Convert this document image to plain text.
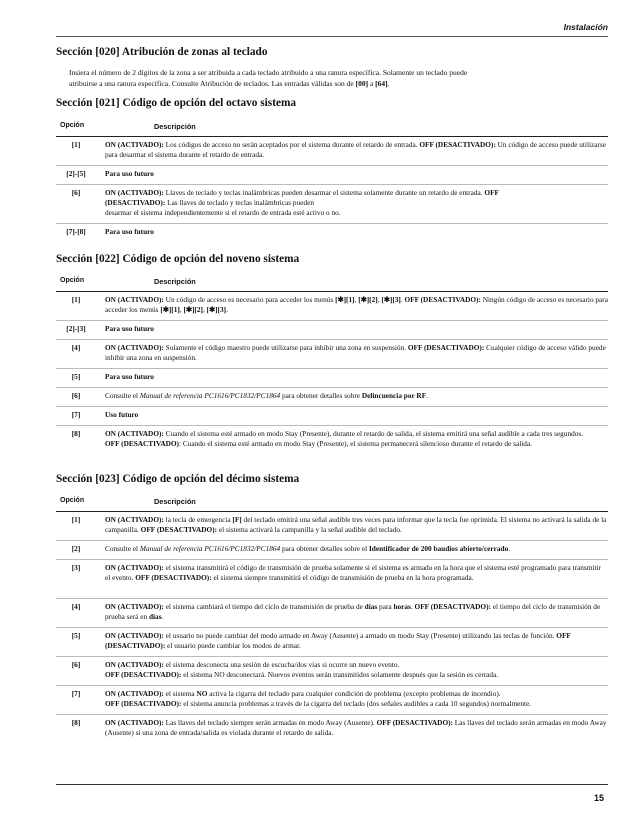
Instalación
Sección [020] Atribución de zonas al teclado
Insiera el número de 2 dígitos de la zona a ser atribuida a cada teclado atribuido a una ranura específica. Solamente un teclado puede
atribuirse a una ranura específica. Consulte Atribución de teclados. Las entradas válidas son de [00] a [64].
Sección [021] Código de opción del octavo sistema
Opción	Descripción
[1]	ON (ACTIVADO): Los códigos de acceso no serán aceptados por el sistema durante el retardo de entrada. OFF (DESACTIVADO): Un código de acceso puede utilizarse para desarmar el sistema durante el retardo de entrada.
[2]-[5]	Para uso futuro
[6]	ON (ACTIVADO): Llaves de teclado y teclas inalámbricas pueden desarmar el sistema solamente durante un retardo de entrada. OFF
(DESACTIVADO): Las llaves de teclado y teclas inalámbricas pueden
desarmar el sistema independientemente si el retardo de entrada esté activo o no.
[7]-[8]	Para uso futuro
Sección [022] Código de opción del noveno sistema
Opción	Descripción
[1]	ON (ACTIVADO): Un código de acceso es necesario para acceder los menús [✱][1], [✱][2], [✱][3]. OFF (DESACTIVADO): Ningún código de acceso es necesario para acceder los menús [✱][1], [✱][2], [✱][3].
[2]-[3]	Para uso futuro
[4]	ON (ACTIVADO): Solamente el código maestro puede utilizarse para inhibir una zona en suspensión. OFF (DESACTIVADO): Cualquier código de acceso válido puede inhibir una zona en suspensión.
[5]	Para uso futuro
[6]	Consulte el Manual de referencia PC1616/PC1832/PC1864 para obtener detalles sobre Delincuencia por RF.
[7]	Uso futuro
[8]	ON (ACTIVADO): Cuando el sistema esté armado en modo Stay (Presente), durante el retardo de salida, el sistema emitirá una señal audible a cada tres segundos.
OFF (DESACTIVADO): Cuando el sistema esté armado en modo Stay (Presente), el sistema permanecerá silencioso durante el retardo de salida.
Sección [023] Código de opción del décimo sistema
Opción	Descripción
[1]	ON (ACTIVADO): la tecla de emergencia [F] del teclado emitirá una señal audible tres veces para informar que la tecla fue oprimida. El sistema no activará la salida de la campanilla. OFF (DESACTIVADO): el sistema activará la campanilla y la señal audible del teclado.
[2]	Consulte el Manual de referencia PC1616/PC1832/PC1864 para obtener detalles sobre el Identificador de 200 baudios abierto/cerrado.
[3]	ON (ACTIVADO): el sistema transmitirá el código de transmisión de prueba solamente si el sistema es armado en la hora que el sistema esté programado para transmitir el evento. OFF (DESACTIVADO): el sistema siempre transmitirá el código de transmisión de prueba en la hora programada.
[4]	ON (ACTIVADO): el sistema cambiará el tiempo del ciclo de transmisión de prueba de días para horas. OFF (DESACTIVADO): el tiempo del ciclo de transmisión de prueba será en días.
[5]	ON (ACTIVADO): el usuario no puede cambiar del modo armado en Away (Ausente) a armado en modo Stay (Presente) utilizando las teclas de función. OFF (DESACTIVADO): el usuario puede cambiar los modos de armar.
[6]	ON (ACTIVADO): el sistema desconecta una sesión de escucha/dos vías si ocurre un nuevo evento.
OFF (DESACTIVADO): el sistema NO desconectará. Nuevos eventos serán transmitidos solamente después que la sesión es cerrada.
[7]	ON (ACTIVADO): el sistema NO activa la cigarra del teclado para cualquier condición de problema (excepto problemas de incendio).
OFF (DESACTIVADO): el sistema anuncia problemas a través de la cigarra del teclado (dos señales audibles a cada 10 segundos) normalmente.
[8]	ON (ACTIVADO): Las llaves del teclado siempre serán armadas en modo Away (Ausente). OFF (DESACTIVADO): Las llaves del teclado serán armadas en modo Away (Ausente) si una zona de entrada/salida es violada durante el retardo de salida.
15
